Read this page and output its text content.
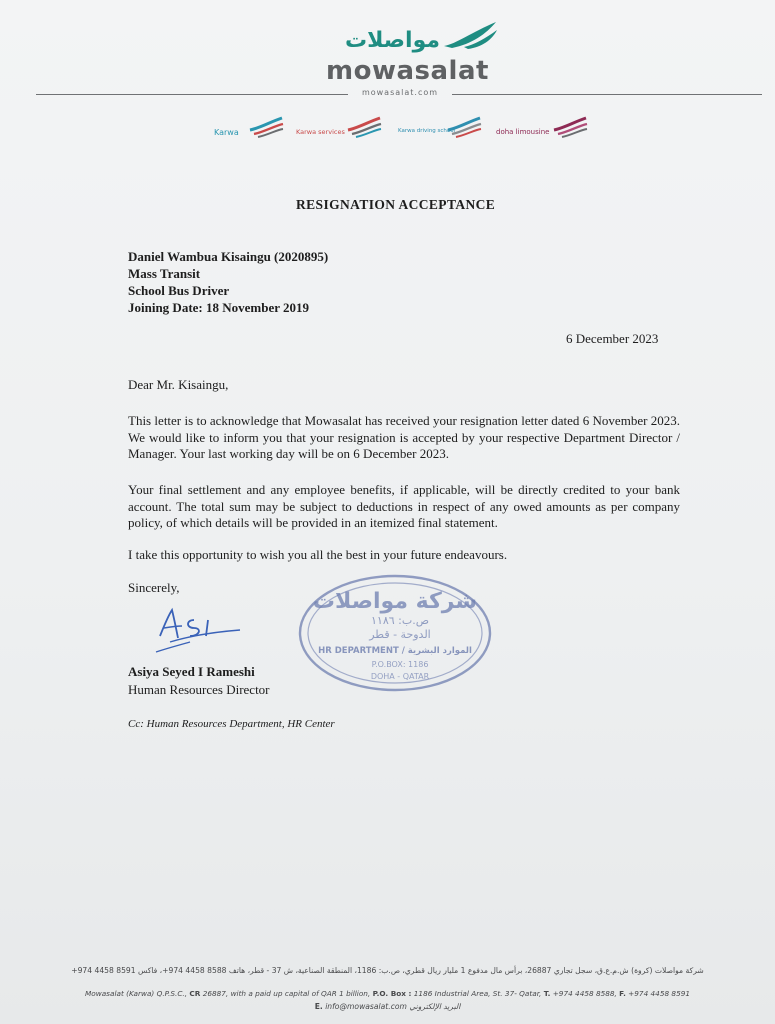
مواصلات
mowasalat
mowasalat.com
Karwa	Karwa services	Karwa driving school	doha limousine
RESIGNATION ACCEPTANCE
Daniel Wambua Kisaingu (2020895)
Mass Transit
School Bus Driver
Joining Date: 18 November 2019
6 December 2023
Dear Mr. Kisaingu,
This letter is to acknowledge that Mowasalat has received your resignation letter dated 6 November 2023. We would like to inform you that your resignation is accepted by your respective Department Director / Manager. Your last working day will be on 6 December 2023.
Your final settlement and any employee benefits, if applicable, will be directly credited to your bank account. The total sum may be subject to deductions in respect of any owed amounts as per company policy, of which details will be provided in an itemized final statement.
I take this opportunity to wish you all the best in your future endeavours.
Sincerely,
شركة مواصلات
ص.ب: ١١٨٦
الدوحة - قطر
HR DEPARTMENT / الموارد البشرية
P.O.BOX: 1186
DOHA - QATAR
Asiya Seyed I Rameshi
Human Resources Director
Cc: Human Resources Department, HR Center
شركة مواصلات (كروة) ش.م.ع.ق، سجل تجاري 26887، برأس مال مدفوع 1 مليار ريال قطري، ص.ب: 1186، المنطقة الصناعية، ش 37 - قطر، هاتف 8588 4458 974+، فاكس 8591 4458 974+
Mowasalat (Karwa) Q.P.S.C., CR 26887, with a paid up capital of QAR 1 billion, P.O. Box : 1186 Industrial Area, St. 37- Qatar, T. +974 4458 8588, F. +974 4458 8591
E. info@mowasalat.com البريد الإلكتروني
